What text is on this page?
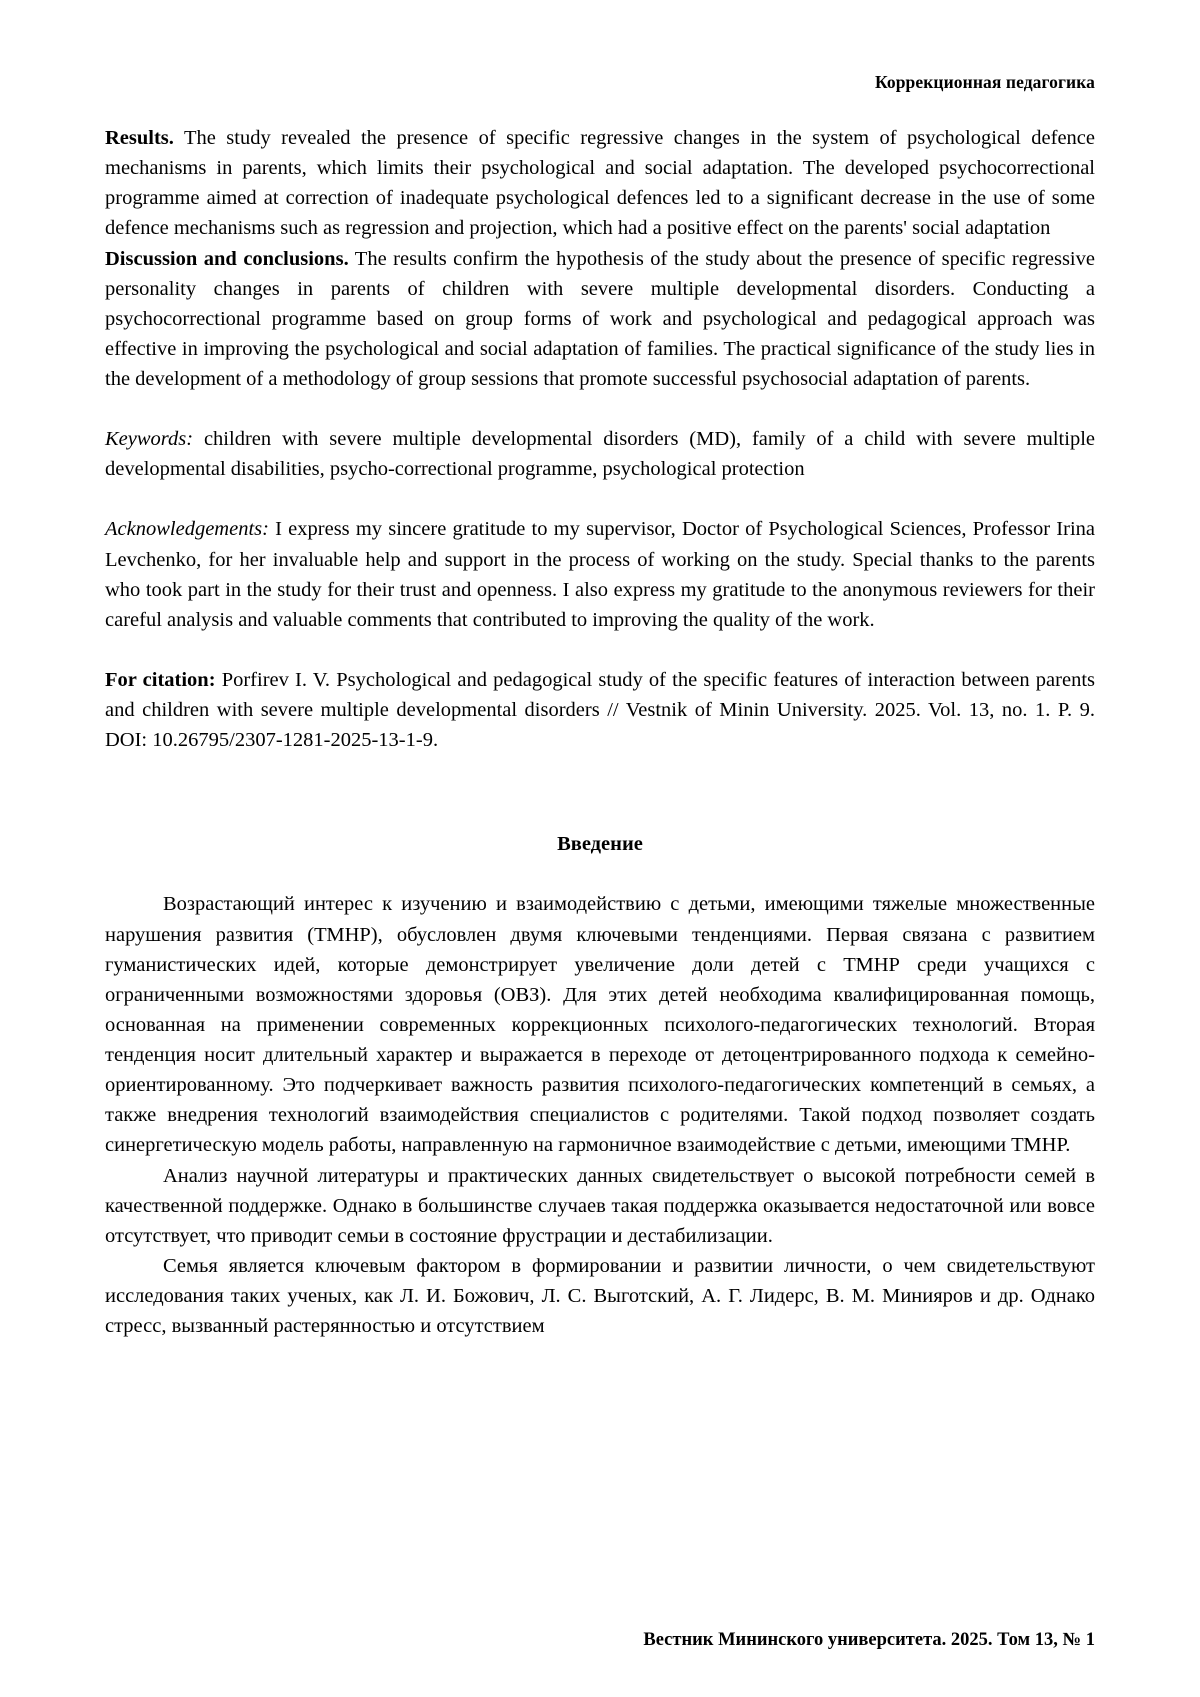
Коррекционная педагогика

Results. The study revealed the presence of specific regressive changes in the system of psychological defence mechanisms in parents, which limits their psychological and social adaptation. The developed psychocorrectional programme aimed at correction of inadequate psychological defences led to a significant decrease in the use of some defence mechanisms such as regression and projection, which had a positive effect on the parents' social adaptation

Discussion and conclusions. The results confirm the hypothesis of the study about the presence of specific regressive personality changes in parents of children with severe multiple developmental disorders. Conducting a psychocorrectional programme based on group forms of work and psychological and pedagogical approach was effective in improving the psychological and social adaptation of families. The practical significance of the study lies in the development of a methodology of group sessions that promote successful psychosocial adaptation of parents.

Keywords: children with severe multiple developmental disorders (MD), family of a child with severe multiple developmental disabilities, psycho-correctional programme, psychological protection

Acknowledgements: I express my sincere gratitude to my supervisor, Doctor of Psychological Sciences, Professor Irina Levchenko, for her invaluable help and support in the process of working on the study. Special thanks to the parents who took part in the study for their trust and openness. I also express my gratitude to the anonymous reviewers for their careful analysis and valuable comments that contributed to improving the quality of the work.

For citation: Porfirev I. V. Psychological and pedagogical study of the specific features of interaction between parents and children with severe multiple developmental disorders // Vestnik of Minin University. 2025. Vol. 13, no. 1. P. 9. DOI: 10.26795/2307-1281-2025-13-1-9.

Введение

Возрастающий интерес к изучению и взаимодействию с детьми, имеющими тяжелые множественные нарушения развития (ТМНР), обусловлен двумя ключевыми тенденциями. Первая связана с развитием гуманистических идей, которые демонстрирует увеличение доли детей с ТМНР среди учащихся с ограниченными возможностями здоровья (ОВЗ). Для этих детей необходима квалифицированная помощь, основанная на применении современных коррекционных психолого-педагогических технологий. Вторая тенденция носит длительный характер и выражается в переходе от детоцентрированного подхода к семейно-ориентированному. Это подчеркивает важность развития психолого-педагогических компетенций в семьях, а также внедрения технологий взаимодействия специалистов с родителями. Такой подход позволяет создать синергетическую модель работы, направленную на гармоничное взаимодействие с детьми, имеющими ТМНР.

Анализ научной литературы и практических данных свидетельствует о высокой потребности семей в качественной поддержке. Однако в большинстве случаев такая поддержка оказывается недостаточной или вовсе отсутствует, что приводит семьи в состояние фрустрации и дестабилизации.

Семья является ключевым фактором в формировании и развитии личности, о чем свидетельствуют исследования таких ученых, как Л. И. Божович, Л. С. Выготский, А. Г. Лидерс, В. М. Минияров и др. Однако стресс, вызванный растерянностью и отсутствием

Вестник Мининского университета. 2025. Том 13, № 1
